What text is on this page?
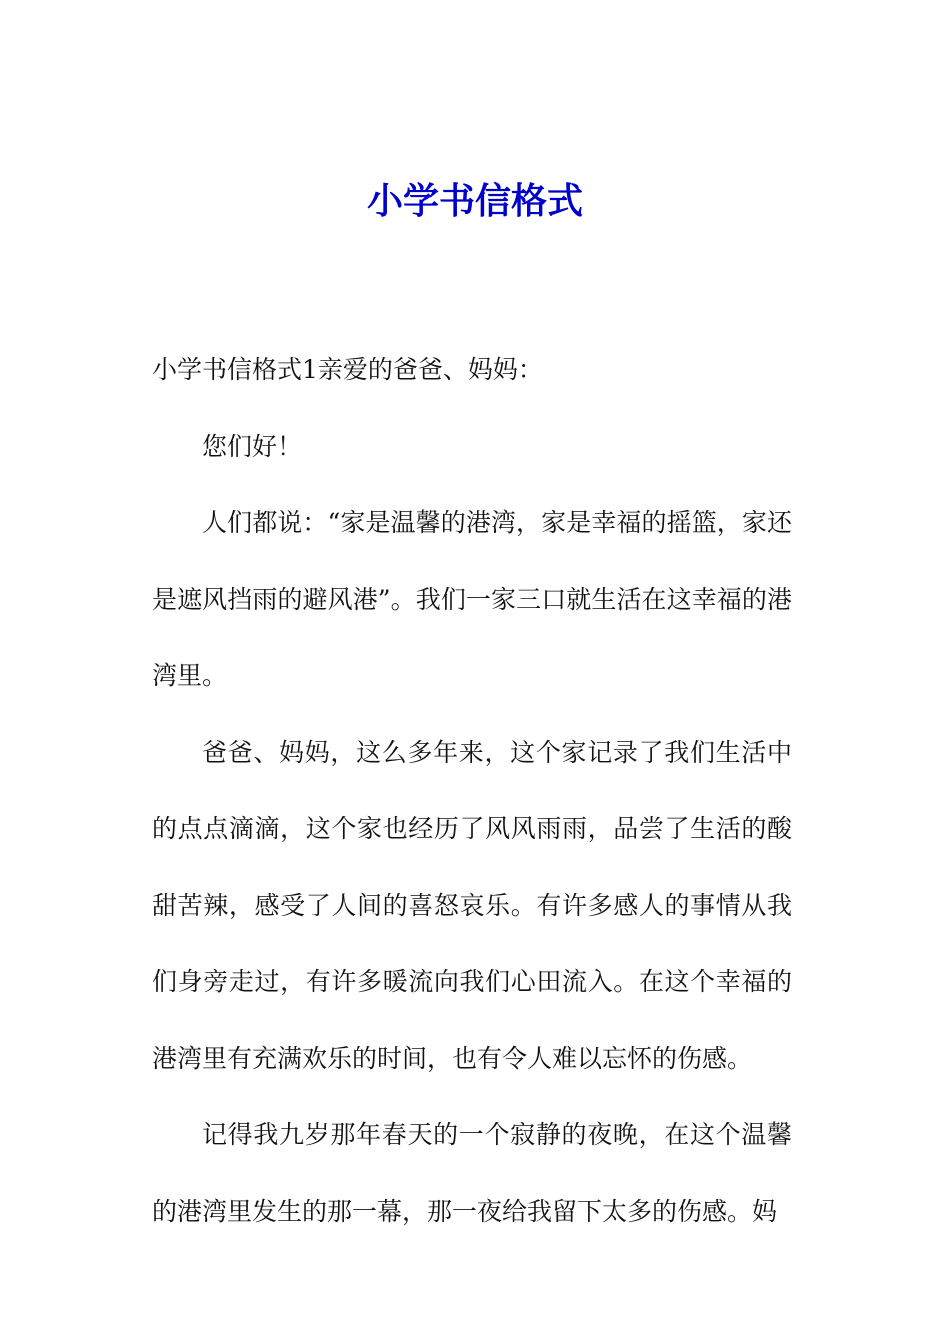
小学书信格式

小学书信格式1亲爱的爸爸、妈妈：

您们好！

人们都说：“家是温馨的港湾，家是幸福的摇篮，家还是遮风挡雨的避风港”。我们一家三口就生活在这幸福的港湾里。

爸爸、妈妈，这么多年来，这个家记录了我们生活中的点点滴滴，这个家也经历了风风雨雨，品尝了生活的酸甜苦辣，感受了人间的喜怒哀乐。有许多感人的事情从我们身旁走过，有许多暖流向我们心田流入。在这个幸福的港湾里有充满欢乐的时间，也有令人难以忘怀的伤感。

记得我九岁那年春天的一个寂静的夜晚，在这个温馨的港湾里发生的那一幕，那一夜给我留下太多的伤感。妈
